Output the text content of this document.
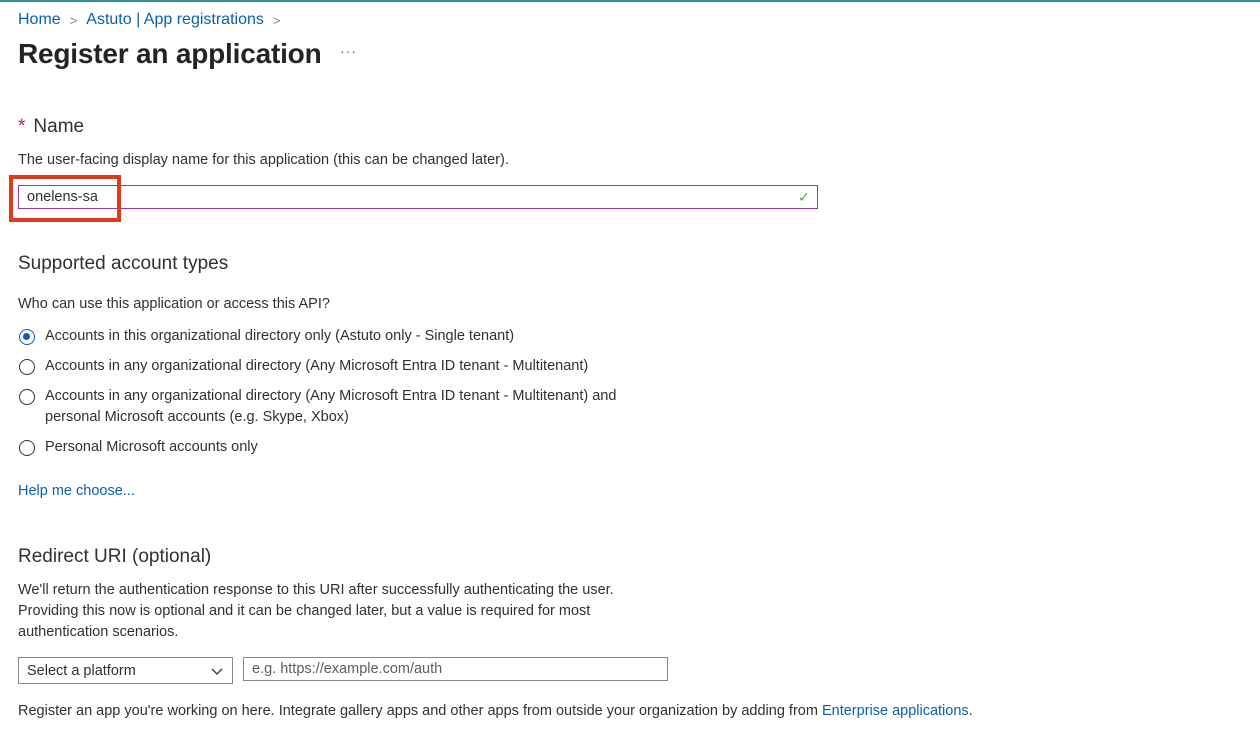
Home > Astuto | App registrations >
Register an application ···
* Name
The user-facing display name for this application (this can be changed later).
onelens-sa
✓
Supported account types
Who can use this application or access this API?
Accounts in this organizational directory only (Astuto only - Single tenant)
Accounts in any organizational directory (Any Microsoft Entra ID tenant - Multitenant)
Accounts in any organizational directory (Any Microsoft Entra ID tenant - Multitenant) and
personal Microsoft accounts (e.g. Skype, Xbox)
Personal Microsoft accounts only
Help me choose...
Redirect URI (optional)
We'll return the authentication response to this URI after successfully authenticating the user.
Providing this now is optional and it can be changed later, but a value is required for most
authentication scenarios.
Select a platform
e.g. https://example.com/auth
Register an app you're working on here. Integrate gallery apps and other apps from outside your organization by adding from Enterprise applications.
